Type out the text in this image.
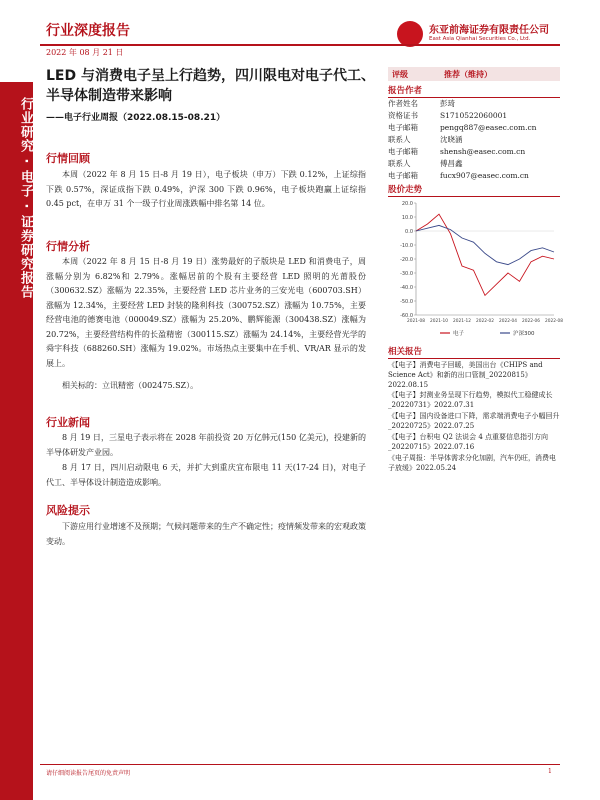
行业深度报告
2022 年 08 月 21 日
东亚前海证券有限责任公司
East Asia Qianhai Securities Co., Ltd.
行业研究 · 电子 · 证券研究报告
LED 与消费电子呈上行趋势，四川限电对电子代工、半导体制造带来影响
——电子行业周报（2022.08.15-08.21）
行情回顾
本周（2022 年 8 月 15 日-8 月 19 日），电子板块（申万）下跌 0.12%，上证综指下跌 0.57%，深证成指下跌 0.49%，沪深 300 下跌 0.96%，电子板块跑赢上证综指 0.45 pct，在申万 31 个一级子行业周涨跌幅中排名第 14 位。
行情分析
本周（2022 年 8 月 15 日-8 月 19 日）涨势最好的子版块是 LED 和消费电子，周涨幅分别为 6.82%和 2.79%。涨幅居前的个股有主要经营 LED 照明的光莆股份（300632.SZ）涨幅为 22.35%，主要经营 LED 芯片业务的三安光电（600703.SH）涨幅为 12.34%，主要经营 LED 封装的隆利科技（300752.SZ）涨幅为 10.75%，主要经营电池的德赛电池（000049.SZ）涨幅为 25.20%、鹏辉能源（300438.SZ）涨幅为 20.72%，主要经营结构件的长盈精密（300115.SZ）涨幅为 24.14%，主要经营光学的舜宇科技（688260.SH）涨幅为 19.02%。市场热点主要集中在手机、VR/AR 显示的发展上。
相关标的：立讯精密（002475.SZ）。
行业新闻
8 月 19 日，三星电子表示将在 2028 年前投资 20 万亿韩元(150 亿美元)，投建新的半导体研发产业园。
8 月 17 日，四川启动限电 6 天，并扩大到重庆宜布限电 11 天(17-24 日)，对电子代工、半导体设计制造造成影响。
风险提示
下游应用行业增速不及预期；气候问题带来的生产不确定性；疫情频发带来的宏观政策变动。
评级	推荐（维持）
报告作者
作者姓名	彭琦
资格证书	S1710522060001
电子邮箱	pengq887@easec.com.cn
联系人	沈晓涵
电子邮箱	shensh@easec.com.cn
联系人	傅昌鑫
电子邮箱	fucx907@easec.com.cn
股价走势
20.0
10.0
0.0
-10.0
-20.0
-30.0
-40.0
-50.0
-60.0
2021-08 2021-10 2021-12 2022-02 2022-04 2022-06 2022-08
电子	沪深300
相关报告
《【电子】消费电子回暖，美国出台《CHIPS and Science Act》和新的出口管制_20220815》2022.08.15
《【电子】封测业务呈现下行趋势，模拟代工稳健成长_20220731》2022.07.31
《【电子】国内设备进口下降，需求端消费电子小幅回升_20220725》2022.07.25
《【电子】台积电 Q2 法说会 4 点重要信息指引方向_20220715》2022.07.16
《电子周报：半导体需求分化加剧，汽车仍旺，消费电子放缓》2022.05.24
请仔细阅读报告尾页的免责声明	1
